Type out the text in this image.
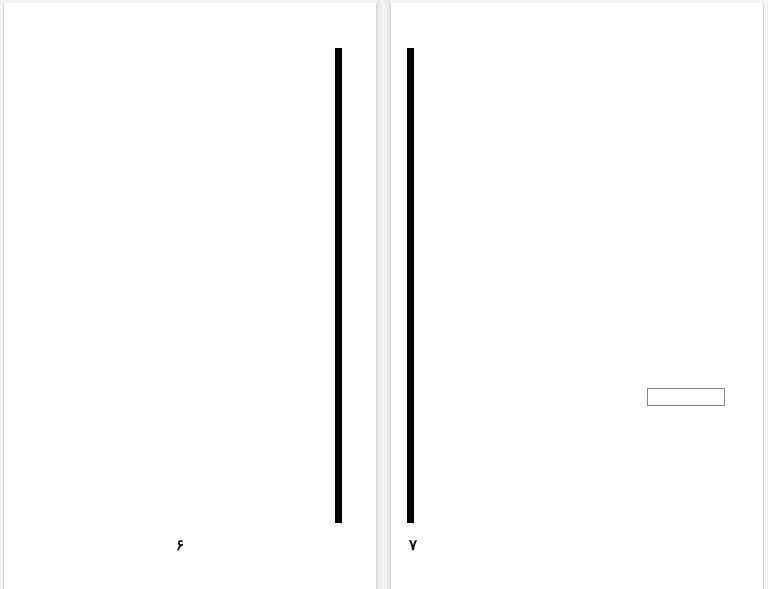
۶	۷
